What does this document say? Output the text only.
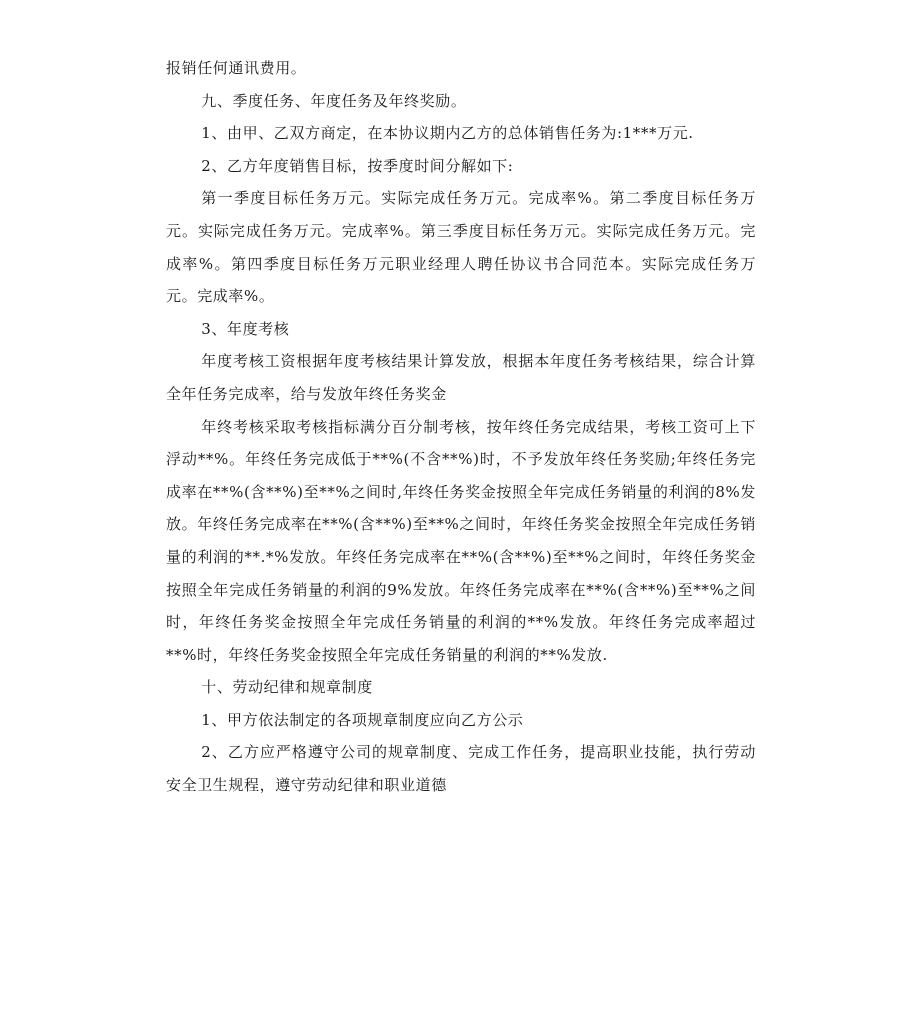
报销任何通讯费用。

九、季度任务、年度任务及年终奖励。

1、由甲、乙双方商定，在本协议期内乙方的总体销售任务为:1***万元.

2、乙方年度销售目标，按季度时间分解如下:

第一季度目标任务万元。实际完成任务万元。完成率%。第二季度目标任务万元。实际完成任务万元。完成率%。第三季度目标任务万元。实际完成任务万元。完成率%。第四季度目标任务万元职业经理人聘任协议书合同范本。实际完成任务万元。完成率%。

3、年度考核

年度考核工资根据年度考核结果计算发放，根据本年度任务考核结果，综合计算全年任务完成率，给与发放年终任务奖金

年终考核采取考核指标满分百分制考核，按年终任务完成结果，考核工资可上下浮动**%。年终任务完成低于**%(不含**%)时，不予发放年终任务奖励;年终任务完成率在**%(含**%)至**%之间时,年终任务奖金按照全年完成任务销量的利润的8%发放。年终任务完成率在**%(含**%)至**%之间时，年终任务奖金按照全年完成任务销量的利润的**.*%发放。年终任务完成率在**%(含**%)至**%之间时，年终任务奖金按照全年完成任务销量的利润的9%发放。年终任务完成率在**%(含**%)至**%之间时，年终任务奖金按照全年完成任务销量的利润的**%发放。年终任务完成率超过**%时，年终任务奖金按照全年完成任务销量的利润的**%发放.

十、劳动纪律和规章制度

1、甲方依法制定的各项规章制度应向乙方公示

2、乙方应严格遵守公司的规章制度、完成工作任务，提高职业技能，执行劳动安全卫生规程，遵守劳动纪律和职业道德
